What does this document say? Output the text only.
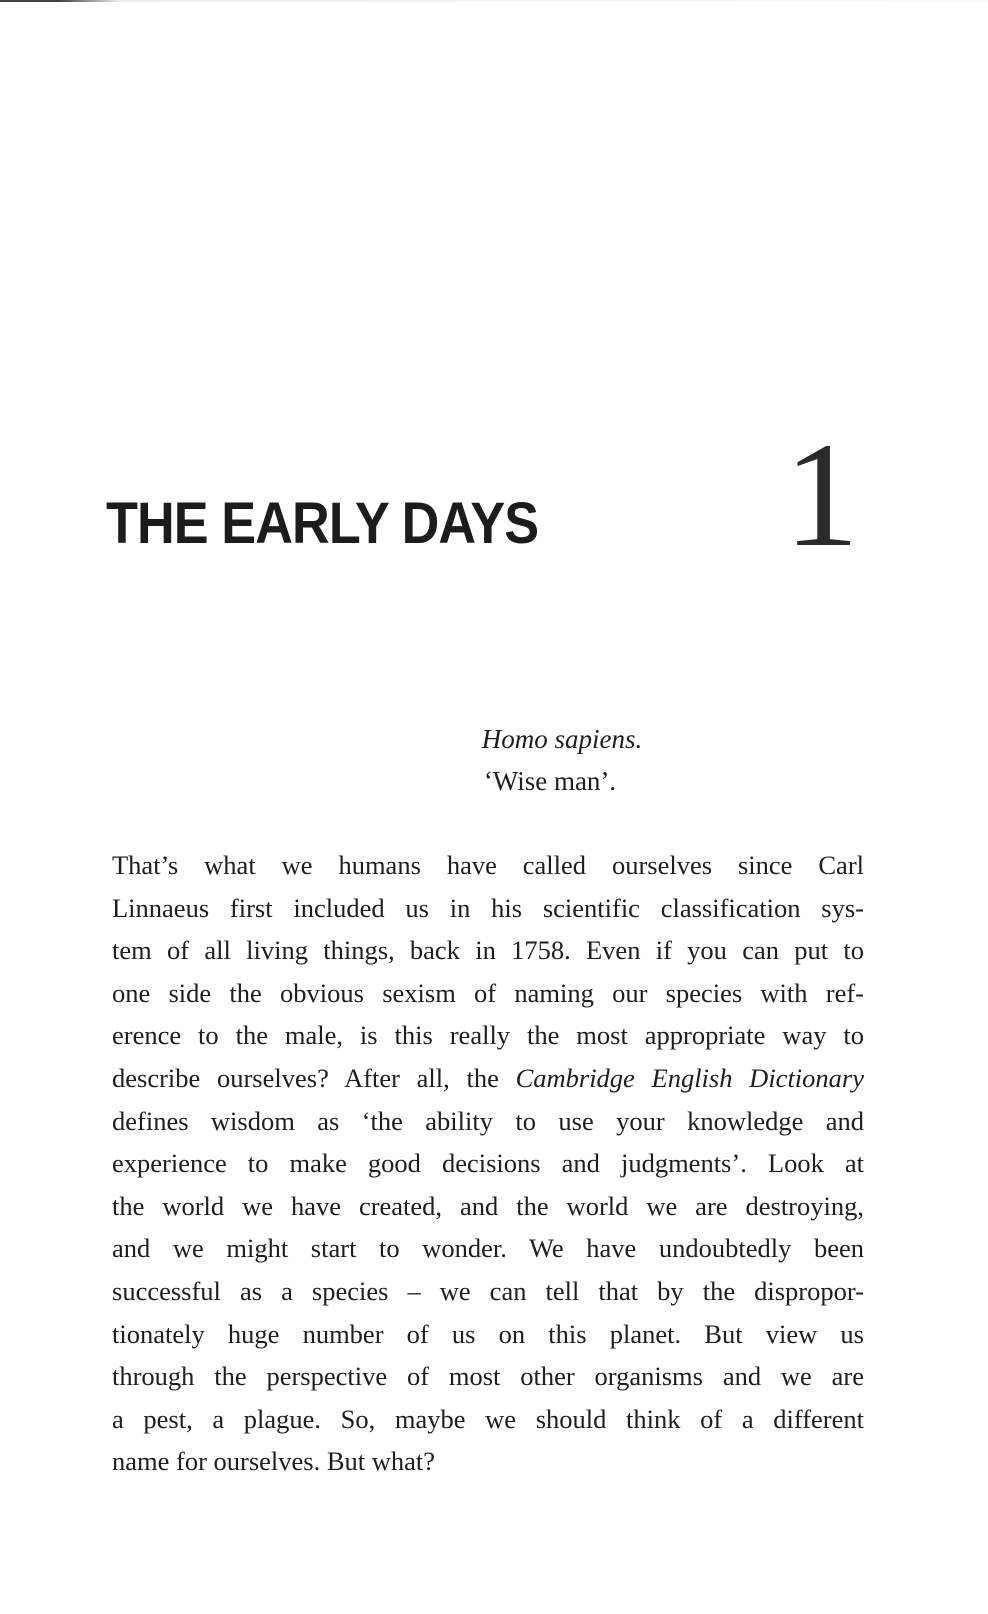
THE EARLY DAYS 1
Homo sapiens.
‘Wise man’.
That’s what we humans have called ourselves since Carl
Linnaeus first included us in his scientific classification sys-
tem of all living things, back in 1758. Even if you can put to
one side the obvious sexism of naming our species with ref-
erence to the male, is this really the most appropriate way to
describe ourselves? After all, the Cambridge English Dictionary
defines wisdom as ‘the ability to use your knowledge and
experience to make good decisions and judgments’. Look at
the world we have created, and the world we are destroying,
and we might start to wonder. We have undoubtedly been
successful as a species – we can tell that by the dispropor-
tionately huge number of us on this planet. But view us
through the perspective of most other organisms and we are
a pest, a plague. So, maybe we should think of a different
name for ourselves. But what?
